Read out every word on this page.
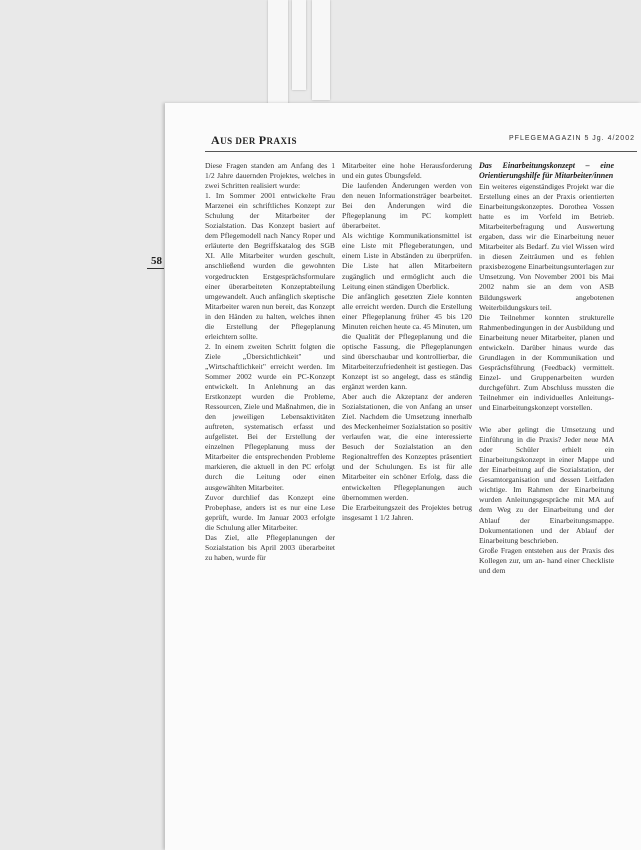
AUS DER PRAXIS	PFLEGEMAGAZIN 5 Jg. 4/2002
58

Diese Fragen standen am Anfang des 1 1/2 Jahre dauernden Projektes, welches in zwei Schritten realisiert wurde:

1. Im Sommer 2001 entwickelte Frau Marzenei ein schriftliches Konzept zur Schulung der Mitarbeiter der Sozialstation. Das Konzept basiert auf dem Pflegemodell nach Nancy Roper und erläuterte den Begriffskatalog des SGB XI. Alle Mitarbeiter wurden geschult, anschließend wurden die gewohnten vorgedruckten Erstgesprächsformulare einer überarbeiteten Konzeptabteilung umgewandelt. Auch anfänglich skeptische Mitarbeiter waren nun bereit, das Konzept in den Händen zu halten, welches ihnen die Erstellung der Pflegeplanung erleichtern sollte.

2. In einem zweiten Schritt folgten die Ziele „Übersichtlichkeit" und „Wirtschaftlichkeit" erreicht werden. Im Sommer 2002 wurde ein PC-Konzept entwickelt. In Anlehnung an das Erstkonzept wurden die Probleme, Ressourcen, Ziele und Maßnahmen, die in den jeweiligen Lebensaktivitäten auftreten, systematisch erfasst und aufgelistet. Bei der Erstellung der einzelnen Pflegeplanung muss der Mitarbeiter die entsprechenden Probleme markieren, die aktuell in den PC erfolgt durch die Leitung oder einen ausgewählten Mitarbeiter.

Zuvor durchlief das Konzept eine Probephase, anders ist es nur eine Lese geprüft, wurde. Im Januar 2003 erfolgte die Schulung aller Mitarbeiter.

Das Ziel, alle Pflegeplanungen der Sozialstation bis April 2003 überarbeitet zu haben, wurde für

Mitarbeiter eine hohe Herausforderung und ein gutes Übungsfeld.

Die laufenden Änderungen werden von den neuen Informationsträger bearbeitet. Bei den Änderungen wird die Pflegeplanung im PC komplett überarbeitet.

Als wichtige Kommunikationsmittel ist eine Liste mit Pflegeberatungen, und einem Liste in Abständen zu überprüfen. Die Liste hat allen Mitarbeitern zugänglich und ermöglicht auch die Leitung einen ständigen Überblick.

Die anfänglich gesetzten Ziele konnten alle erreicht werden. Durch die Erstellung einer Pflegeplanung früher 45 bis 120 Minuten reichen heute ca. 45 Minuten, um die Qualität der Pflegeplanung und die optische Fassung, die Pflegeplanungen sind überschaubar und kontrollierbar, die Mitarbeiterzufriedenheit ist gestiegen. Das Konzept ist so angelegt, dass es ständig ergänzt werden kann.

Aber auch die Akzeptanz der anderen Sozialstationen, die von Anfang an unser Ziel. Nachdem die Umsetzung innerhalb des Meckenheimer Sozialstation so positiv verlaufen war, die eine interessierte Besuch der Sozialstation an den Regionaltreffen des Konzeptes präsentiert und der Schulungen. Es ist für alle Mitarbeiter ein schöner Erfolg, dass die entwickelten Pflegeplanungen auch übernommen werden.

Die Erarbeitungszeit des Projektes betrug insgesamt 1 1/2 Jahren.

Das Einarbeitungskonzept – eine Orientierungshilfe für Mitarbeiter/innen

Ein weiteres eigenständiges Projekt war die Erstellung eines an der Praxis orientierten Einarbeitungskonzeptes. Dorothea Vossen hatte es im Vorfeld im Betrieb. Mitarbeiterbefragung und Auswertung ergaben, dass wir die Einarbeitung neuer Mitarbeiter als Bedarf. Zu viel Wissen wird in diesen Zeiträumen und es fehlen praxisbezogene Einarbeitungsunterlagen zur Umsetzung. Von November 2001 bis Mai 2002 nahm sie an dem von ASB Bildungswerk angebotenen Weiterbildungskurs teil.

Die Teilnehmer konnten strukturelle Rahmenbedingungen in der Ausbildung und Einarbeitung neuer Mitarbeiter, planen und entwickeln. Darüber hinaus wurde das Grundlagen in der Kommunikation und Gesprächsführung (Feedback) vermittelt. Einzel- und Gruppenarbeiten wurden durchgeführt. Zum Abschluss mussten die Teilnehmer ein individuelles Anleitungs- und Einarbeitungskonzept vorstellen.

Wie aber gelingt die Umsetzung und Einführung in die Praxis? Jeder neue MA oder Schüler erhielt ein Einarbeitungskonzept in einer Mappe und der Einarbeitung auf die Sozialstation, der Gesamtorganisation und dessen Leitfaden wichtige. Im Rahmen der Einarbeitung wurden Anleitungsgespräche mit MA auf dem Weg zu der Einarbeitung und der Ablauf der Einarbeitungsmappe. Dokumentationen und der Ablauf der Einarbeitung beschrieben.

Große Fragen entstehen aus der Praxis des Kollegen zur, um an- hand einer Checkliste und dem
